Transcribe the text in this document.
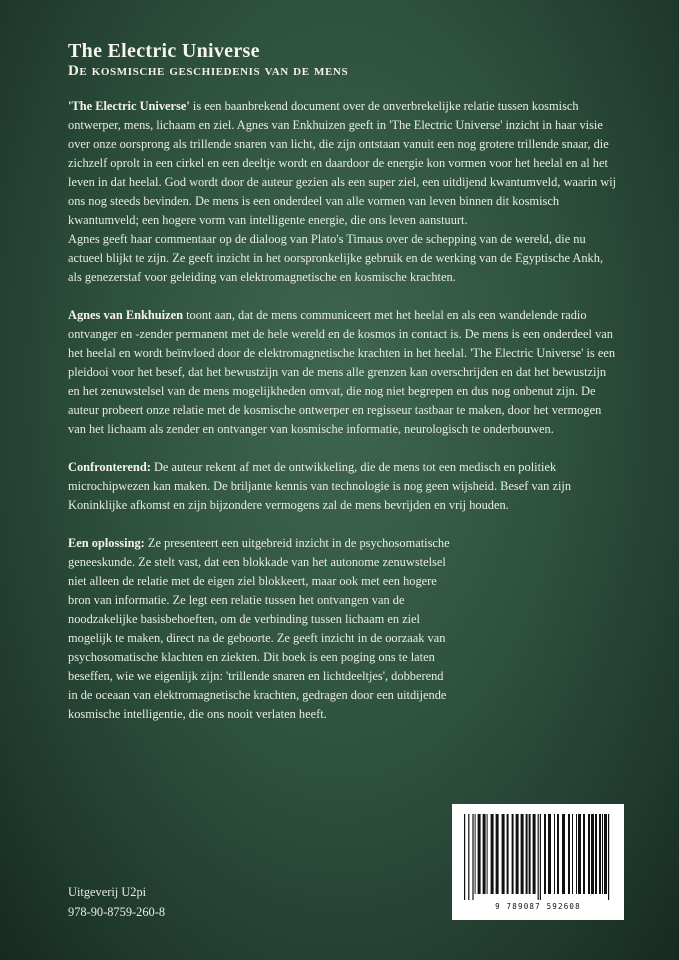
The Electric Universe
De kosmische geschiedenis van de mens

'The Electric Universe' is een baanbrekend document over de onverbrekelijke relatie tussen kosmisch ontwerper, mens, lichaam en ziel. Agnes van Enkhuizen geeft in 'The Electric Universe' inzicht in haar visie over onze oorsprong als trillende snaren van licht, die zijn ontstaan vanuit een nog grotere trillende snaar, die zichzelf oprolt in een cirkel en een deeltje wordt en daardoor de energie kon vormen voor het heelal en al het leven in dat heelal. God wordt door de auteur gezien als een super ziel, een uitdijend kwantumveld, waarin wij ons nog steeds bevinden. De mens is een onderdeel van alle vormen van leven binnen dit kosmisch kwantumveld; een hogere vorm van intelligente energie, die ons leven aanstuurt.

Agnes geeft haar commentaar op de dialoog van Plato's Timaus over de schepping van de wereld, die nu actueel blijkt te zijn. Ze geeft inzicht in het oorspronkelijke gebruik en de werking van de Egyptische Ankh, als genezerstaf voor geleiding van elektromagnetische en kosmische krachten.

Agnes van Enkhuizen toont aan, dat de mens communiceert met het heelal en als een wandelende radio ontvanger en -zender permanent met de hele wereld en de kosmos in contact is. De mens is een onderdeel van het heelal en wordt beïnvloed door de elektromagnetische krachten in het heelal. 'The Electric Universe' is een pleidooi voor het besef, dat het bewustzijn van de mens alle grenzen kan overschrijden en dat het bewustzijn en het zenuwstelsel van de mens mogelijkheden omvat, die nog niet begrepen en dus nog onbenut zijn. De auteur probeert onze relatie met de kosmische ontwerper en regisseur tastbaar te maken, door het vermogen van het lichaam als zender en ontvanger van kosmische informatie, neurologisch te onderbouwen.

Confronterend: De auteur rekent af met de ontwikkeling, die de mens tot een medisch en politiek microchipwezen kan maken. De briljante kennis van technologie is nog geen wijsheid. Besef van zijn Koninklijke afkomst en zijn bijzondere vermogens zal de mens bevrijden en vrij houden.

Een oplossing: Ze presenteert een uitgebreid inzicht in de psychosomatische geneeskunde. Ze stelt vast, dat een blokkade van het autonome zenuwstelsel niet alleen de relatie met de eigen ziel blokkeert, maar ook met een hogere bron van informatie. Ze legt een relatie tussen het ontvangen van de noodzakelijke basisbehoeften, om de verbinding tussen lichaam en ziel mogelijk te maken, direct na de geboorte. Ze geeft inzicht in de oorzaak van psychosomatische klachten en ziekten. Dit boek is een poging ons te laten beseffen, wie we eigenlijk zijn: 'trillende snaren en lichtdeeltjes', dobberend in de oceaan van elektromagnetische krachten, gedragen door een uitdijende kosmische intelligentie, die ons nooit verlaten heeft.

Uitgeverij U2pi
978-90-8759-260-8	9 789087 592608
